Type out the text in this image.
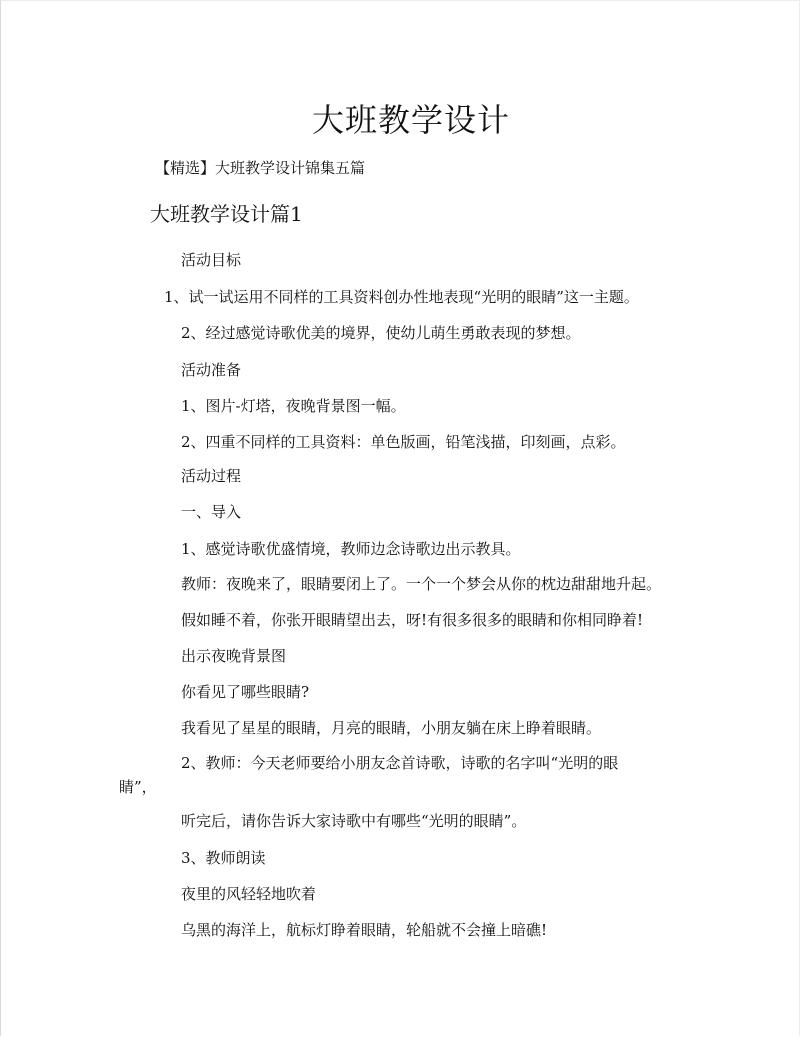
大班教学设计
【精选】大班教学设计锦集五篇
大班教学设计篇1
活动目标
1、试一试运用不同样的工具资料创办性地表现“光明的眼睛”这一主题。
2、经过感觉诗歌优美的境界，使幼儿萌生勇敢表现的梦想。
活动准备
1、图片-灯塔，夜晚背景图一幅。
2、四重不同样的工具资料：单色版画，铅笔浅描，印刻画，点彩。
活动过程
一、导入
1、感觉诗歌优盛情境，教师边念诗歌边出示教具。
教师：夜晚来了，眼睛要闭上了。一个一个梦会从你的枕边甜甜地升起。
假如睡不着，你张开眼睛望出去，呀!有很多很多的眼睛和你相同睁着!
出示夜晚背景图
你看见了哪些眼睛?
我看见了星星的眼睛，月亮的眼睛，小朋友躺在床上睁着眼睛。
2、教师：今天老师要给小朋友念首诗歌，诗歌的名字叫“光明的眼
睛”，
听完后，请你告诉大家诗歌中有哪些“光明的眼睛”。
3、教师朗读
夜里的风轻轻地吹着
乌黑的海洋上，航标灯睁着眼睛，轮船就不会撞上暗礁!
